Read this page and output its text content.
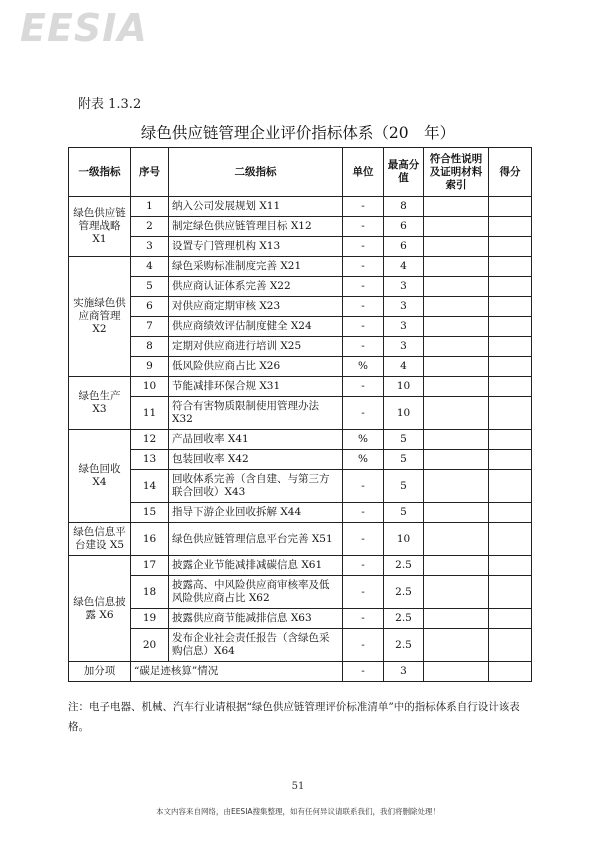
EESIA
附表 1.3.2
绿色供应链管理企业评价指标体系（20　年）
一级指标	序号	二级指标	单位	最高分值	符合性说明及证明材料索引	得分
绿色供应链管理战略 X1	1	纳入公司发展规划 X11	-	8		
	2	制定绿色供应链管理目标 X12	-	6		
	3	设置专门管理机构 X13	-	6		
实施绿色供应商管理 X2	4	绿色采购标准制度完善 X21	-	4		
	5	供应商认证体系完善 X22	-	3		
	6	对供应商定期审核 X23	-	3		
	7	供应商绩效评估制度健全 X24	-	3		
	8	定期对供应商进行培训 X25	-	3		
	9	低风险供应商占比 X26	%	4		
绿色生产 X3	10	节能减排环保合规 X31	-	10		
	11	符合有害物质限制使用管理办法 X32	-	10		
绿色回收 X4	12	产品回收率 X41	%	5		
	13	包装回收率 X42	%	5		
	14	回收体系完善（含自建、与第三方联合回收）X43	-	5		
	15	指导下游企业回收拆解 X44	-	5		
绿色信息平台建设 X5	16	绿色供应链管理信息平台完善 X51	-	10		
绿色信息披露 X6	17	披露企业节能减排减碳信息 X61	-	2.5		
	18	披露高、中风险供应商审核率及低风险供应商占比 X62	-	2.5		
	19	披露供应商节能减排信息 X63	-	2.5		
	20	发布企业社会责任报告（含绿色采购信息）X64	-	2.5		
加分项	“碳足迹核算”情况		-	3		
注：电子电器、机械、汽车行业请根据“绿色供应链管理评价标准清单”中的指标体系自行设计该表格。
51
本文内容来自网络，由EESIA搜集整理，如有任何异议请联系我们，我们将删除处理！
